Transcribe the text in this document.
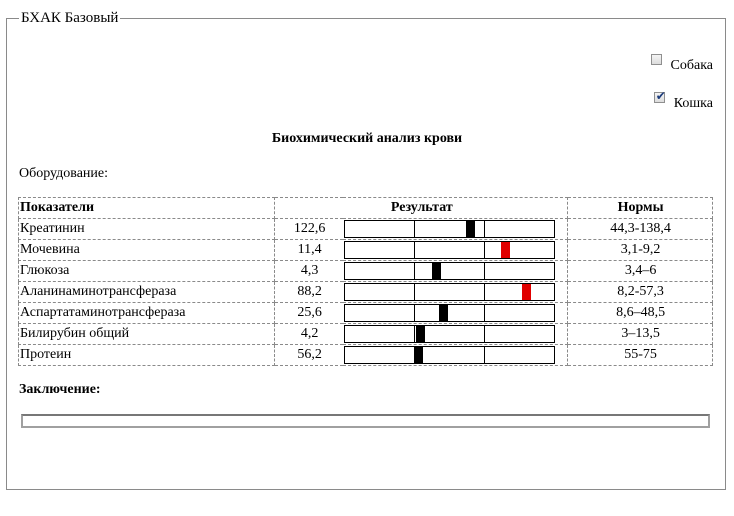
БХАК Базовый
Собака
✔ Кошка
Биохимический анализ крови
Оборудование:
Показатели	Результат		Нормы
Креатинин	122,6		44,3-138,4
Мочевина	11,4		3,1-9,2
Глюкоза	4,3		3,4–6
Аланинаминотрансфераза	88,2		8,2-57,3
Аспартатаминотрансфераза	25,6		8,6–48,5
Билирубин общий	4,2		3–13,5
Протеин	56,2		55-75
Заключение:
